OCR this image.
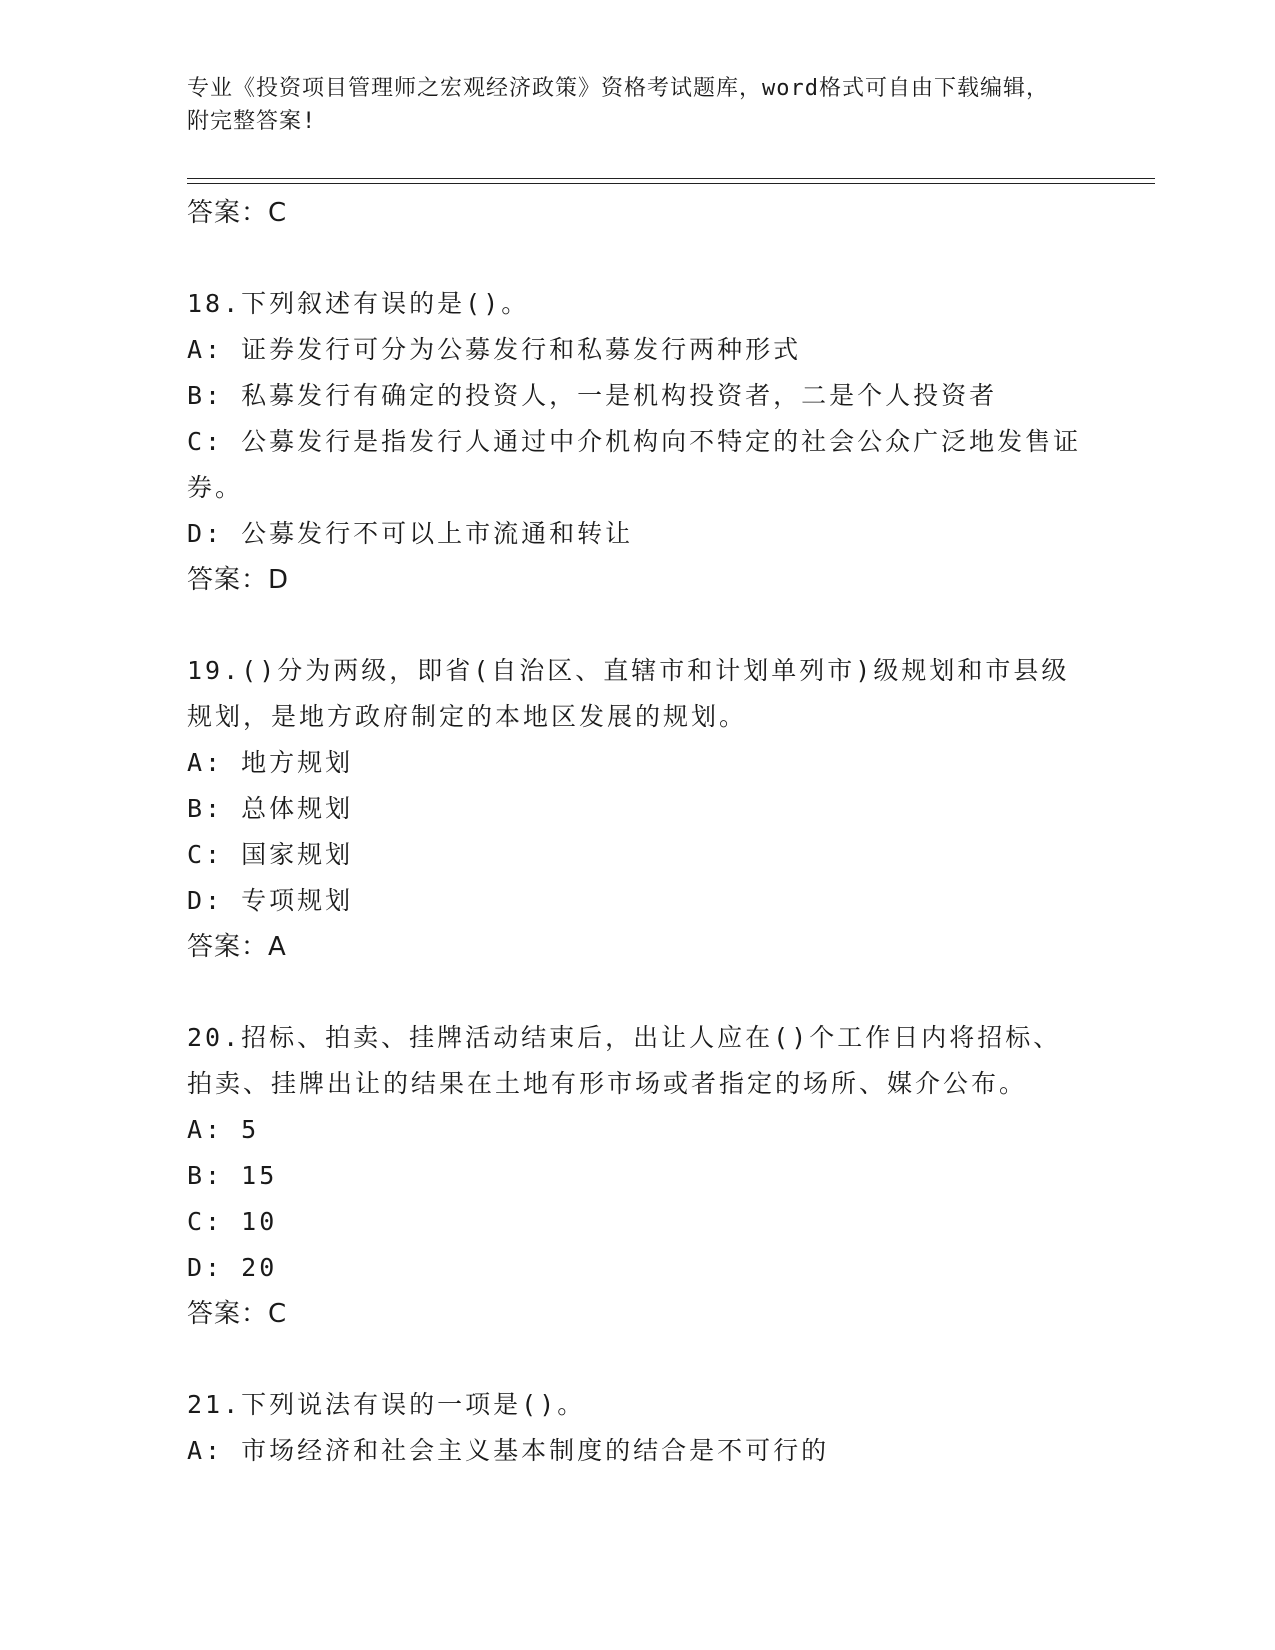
专业《投资项目管理师之宏观经济政策》资格考试题库，word格式可自由下载编辑，附完整答案!
答案：C
18.下列叙述有误的是()。
A: 证券发行可分为公募发行和私募发行两种形式
B: 私募发行有确定的投资人，一是机构投资者，二是个人投资者
C: 公募发行是指发行人通过中介机构向不特定的社会公众广泛地发售证券。
D: 公募发行不可以上市流通和转让
答案：D
19.()分为两级，即省(自治区、直辖市和计划单列市)级规划和市县级规划，是地方政府制定的本地区发展的规划。
A: 地方规划
B: 总体规划
C: 国家规划
D: 专项规划
答案：A
20.招标、拍卖、挂牌活动结束后，出让人应在()个工作日内将招标、拍卖、挂牌出让的结果在土地有形市场或者指定的场所、媒介公布。
A: 5
B: 15
C: 10
D: 20
答案：C
21.下列说法有误的一项是()。
A: 市场经济和社会主义基本制度的结合是不可行的
